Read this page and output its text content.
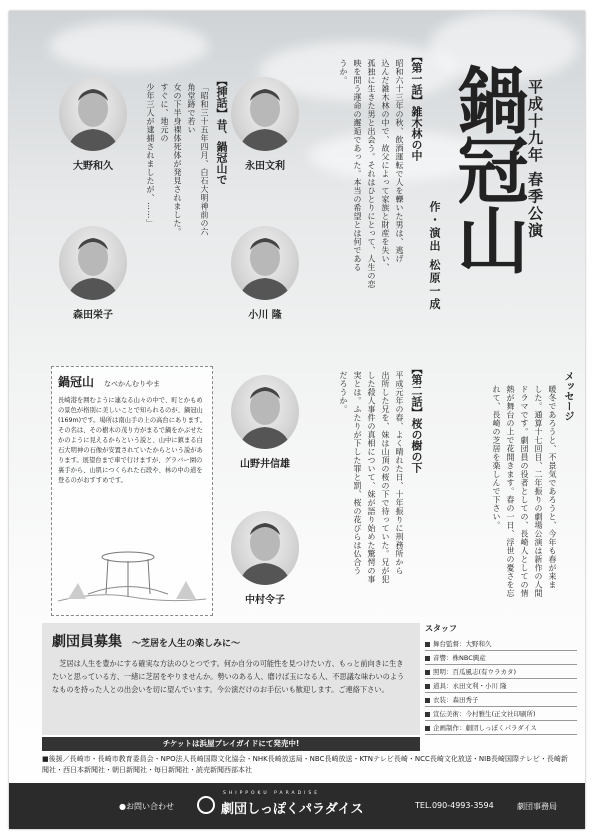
平成十九年 春季公演
鍋冠山
作・演出 松原一成
メッセージ
暖冬であろうと、不景気であろうと、今年も春が来ま
した。通算十七回目、二年振りの劇場公演は新作の人間
ドラマです。劇団員の役者としての、長崎人としての情
熱が舞台の上で花開きます。春の一日、浮世の憂さを忘
れて、長崎の芝居を楽しんで下さい。
【第一話】雑木林の中
昭和六十三年の秋、飲酒運転で人を轢いた男は、逃げ
込んだ雑木林の中で、故父によって家族と財産を失い、
孤独に生きた男と出会う。それはひとりにとって、人生の恋
映を問う運命の邂逅であった。本当の希望とは何である
うか。
【挿話】昔、鍋冠山で
「昭和三十五年四月、白石大明神前の六角堂跡で若い
女の下半身裸体死体が発見されました。すぐに、地元の
少年三人が逮捕されましたが、……」
【第二話】桜の樹の下
平成元年の春、よく晴れた日、十年振りに刑務所から
出所した兄を、妹は山頂の桜の下で待っていた。兄が犯
した殺人事件の真相について、妹が語り始めた驚愕の事
実とは。ふたりが下した罪と罰、桜の花びらは仏合う
だろうか。
大野和久	永田文利
森田栄子	小川 隆
山野井信雄
中村令子
鍋冠山 なべかんむりやま
長崎港を囲むように連なる山々の中で、町とかもめの景色が格別に美しいことで知られるのが、鍋冠山(169m)です。場所は南山手の上の高台にあります。その名は、その樹木の茂り方がまるで鍋をかぶせたかのように見えるからという説と、山中に鎮まる白石大明神の石像が安置されていたからという説があります。展望台まで車で行けますが、グラバー園の裏手から、山肌につくられた石段や、林の中の道を登るのがおすすめです。
劇団員募集 ～芝居を人生の楽しみに～
芝居は人生を豊かにする確実な方法のひとつです。何か自分の可能性を見つけたい方、もっと前向きに生きたいと思っている方、一緒に芝居をやりませんか。勢いのある人、磨けば玉になる人、不思議な味わいのようなものを持った人との出会いを切に望んでいます。今公演だけのお手伝いも歓迎します。ご連絡下さい。
スタッフ
舞台監督：大野和久
音響：株NBC興産
照明：百瓜風志(有ウラカタ)
道具：永田文利・小川 隆
衣装：森田秀子
宣伝美術：今村雅生(正文社印刷所)
企画制作：劇団しっぽくパラダイス
チケットは浜屋プレイガイドにて発売中!
■後援／長崎市・長崎市教育委員会・NPO法人長崎国際文化協会・NHK長崎放送局・NBC長崎放送・KTNテレビ長崎・NCC長崎文化放送・NIB長崎国際テレビ・長崎新聞社・西日本新聞社・朝日新聞社・毎日新聞社・読売新聞西部本社
●お問い合わせ
SHIPPOKU PARADISE
劇団しっぽくパラダイス	TEL.090-4993-3594	劇団事務局
